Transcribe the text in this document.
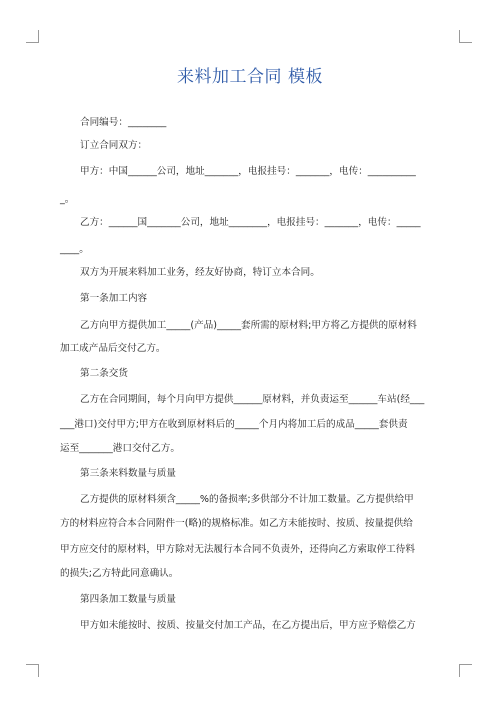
来料加工合同 模板
合同编号：________
订立合同双方：
甲方：中国______公司，地址_______，电报挂号：_______，电传：__________
_。
乙方：______国_______公司，地址________，电报挂号：_______，电传：_____
____。
双方为开展来料加工业务，经友好协商，特订立本合同。
第一条加工内容
乙方向甲方提供加工_____(产品)_____套所需的原材料;甲方将乙方提供的原材料
加工成产品后交付乙方。
第二条交货
乙方在合同期间，每个月向甲方提供______原材料，并负责运至______车站(经___
___港口)交付甲方;甲方在收到原材料后的_____个月内将加工后的成品_____套供责
运至_______港口交付乙方。
第三条来料数量与质量
乙方提供的原材料须含_____%的备损率;多供部分不计加工数量。乙方提供给甲
方的材料应符合本合同附件一(略)的规格标准。如乙方未能按时、按质、按量提供给
甲方应交付的原材料，甲方除对无法履行本合同不负责外，还得向乙方索取停工待料
的损失;乙方特此同意确认。
第四条加工数量与质量
甲方如未能按时、按质、按量交付加工产品，在乙方提出后，甲方应予赔偿乙方
